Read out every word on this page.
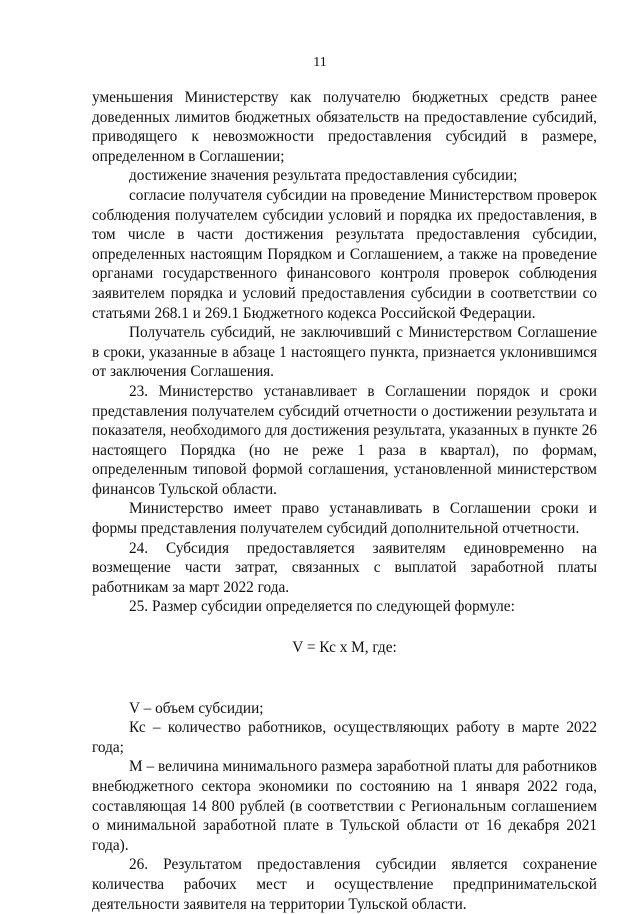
11

уменьшения Министерству как получателю бюджетных средств ранее доведенных лимитов бюджетных обязательств на предоставление субсидий, приводящего к невозможности предоставления субсидий в размере, определенном в Соглашении;

достижение значения результата предоставления субсидии;

согласие получателя субсидии на проведение Министерством проверок соблюдения получателем субсидии условий и порядка их предоставления, в том числе в части достижения результата предоставления субсидии, определенных настоящим Порядком и Соглашением, а также на проведение органами государственного финансового контроля проверок соблюдения заявителем порядка и условий предоставления субсидии в соответствии со статьями 268.1 и 269.1 Бюджетного кодекса Российской Федерации.

Получатель субсидий, не заключивший с Министерством Соглашение в сроки, указанные в абзаце 1 настоящего пункта, признается уклонившимся от заключения Соглашения.

23. Министерство устанавливает в Соглашении порядок и сроки представления получателем субсидий отчетности о достижении результата и показателя, необходимого для достижения результата, указанных в пункте 26 настоящего Порядка (но не реже 1 раза в квартал), по формам, определенным типовой формой соглашения, установленной министерством финансов Тульской области.

Министерство имеет право устанавливать в Соглашении сроки и формы представления получателем субсидий дополнительной отчетности.

24. Субсидия предоставляется заявителям единовременно на возмещение части затрат, связанных с выплатой заработной платы работникам за март 2022 года.

25. Размер субсидии определяется по следующей формуле:

V = Кс х М, где:

V – объем субсидии;

Кс – количество работников, осуществляющих работу в марте 2022 года;

М – величина минимального размера заработной платы для работников внебюджетного сектора экономики по состоянию на 1 января 2022 года, составляющая 14 800 рублей (в соответствии с Региональным соглашением о минимальной заработной плате в Тульской области от 16 декабря 2021 года).

26. Результатом предоставления субсидии является сохранение количества рабочих мест и осуществление предпринимательской деятельности заявителя на территории Тульской области.
